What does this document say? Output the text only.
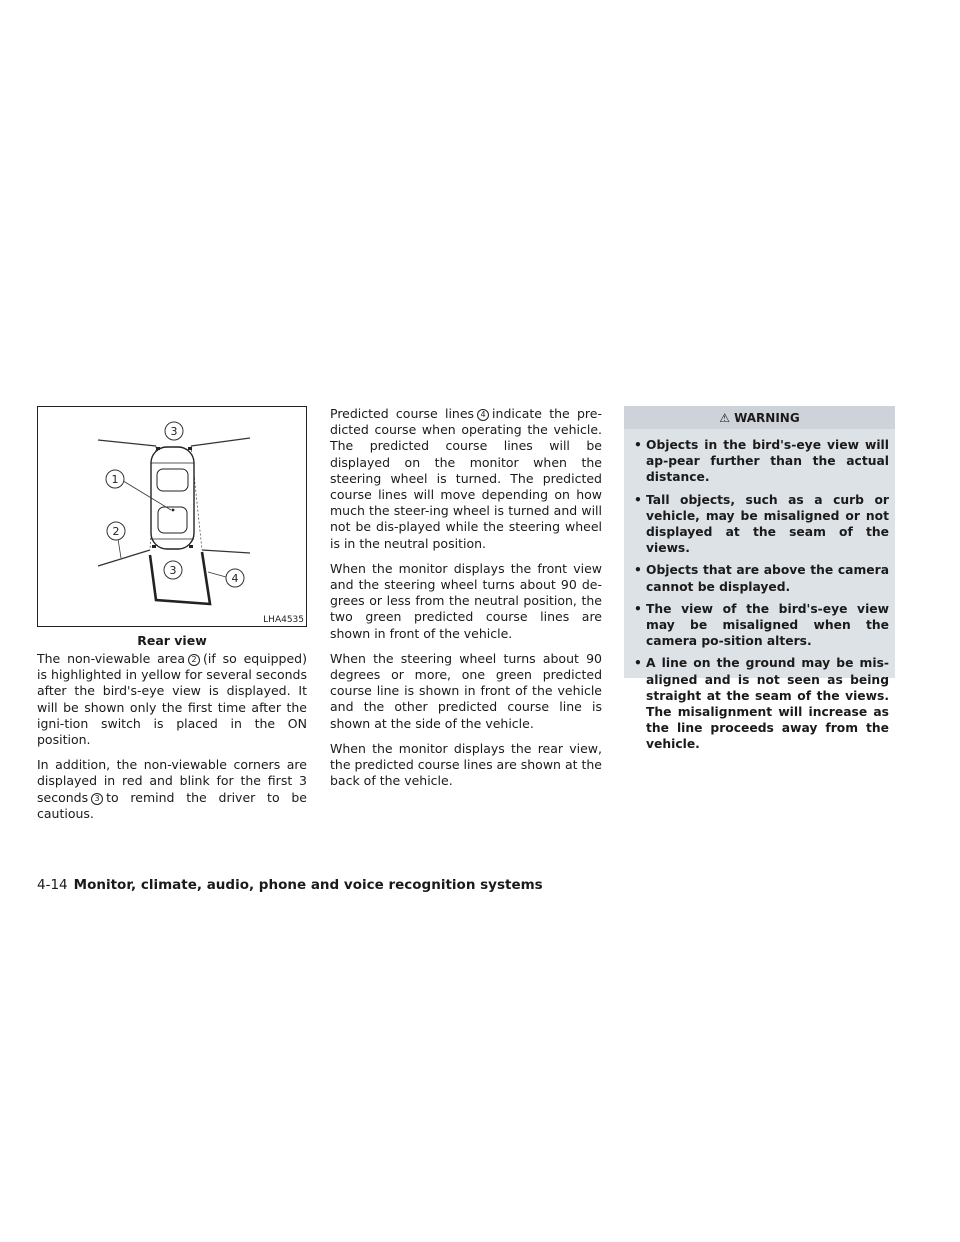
3
1
2
3
4
LHA4535
Rear view

The non-viewable area 2 (if so equipped) is highlighted in yellow for several seconds after the bird's-eye view is displayed. It will be shown only the first time after the igni-tion switch is placed in the ON position.

In addition, the non-viewable corners are displayed in red and blink for the first 3 seconds 3 to remind the driver to be cautious.

Predicted course lines 4 indicate the pre-dicted course when operating the vehicle. The predicted course lines will be displayed on the monitor when the steering wheel is turned. The predicted course lines will move depending on how much the steer-ing wheel is turned and will not be dis-played while the steering wheel is in the neutral position.

When the monitor displays the front view and the steering wheel turns about 90 de-grees or less from the neutral position, the two green predicted course lines are shown in front of the vehicle.

When the steering wheel turns about 90 degrees or more, one green predicted course line is shown in front of the vehicle and the other predicted course line is shown at the side of the vehicle.

When the monitor displays the rear view, the predicted course lines are shown at the back of the vehicle.

⚠ WARNING
• Objects in the bird's-eye view will ap-pear further than the actual distance.
• Tall objects, such as a curb or vehicle, may be misaligned or not displayed at the seam of the views.
• Objects that are above the camera cannot be displayed.
• The view of the bird's-eye view may be misaligned when the camera po-sition alters.
• A line on the ground may be mis-aligned and is not seen as being straight at the seam of the views. The misalignment will increase as the line proceeds away from the vehicle.
4-14 Monitor, climate, audio, phone and voice recognition systems
